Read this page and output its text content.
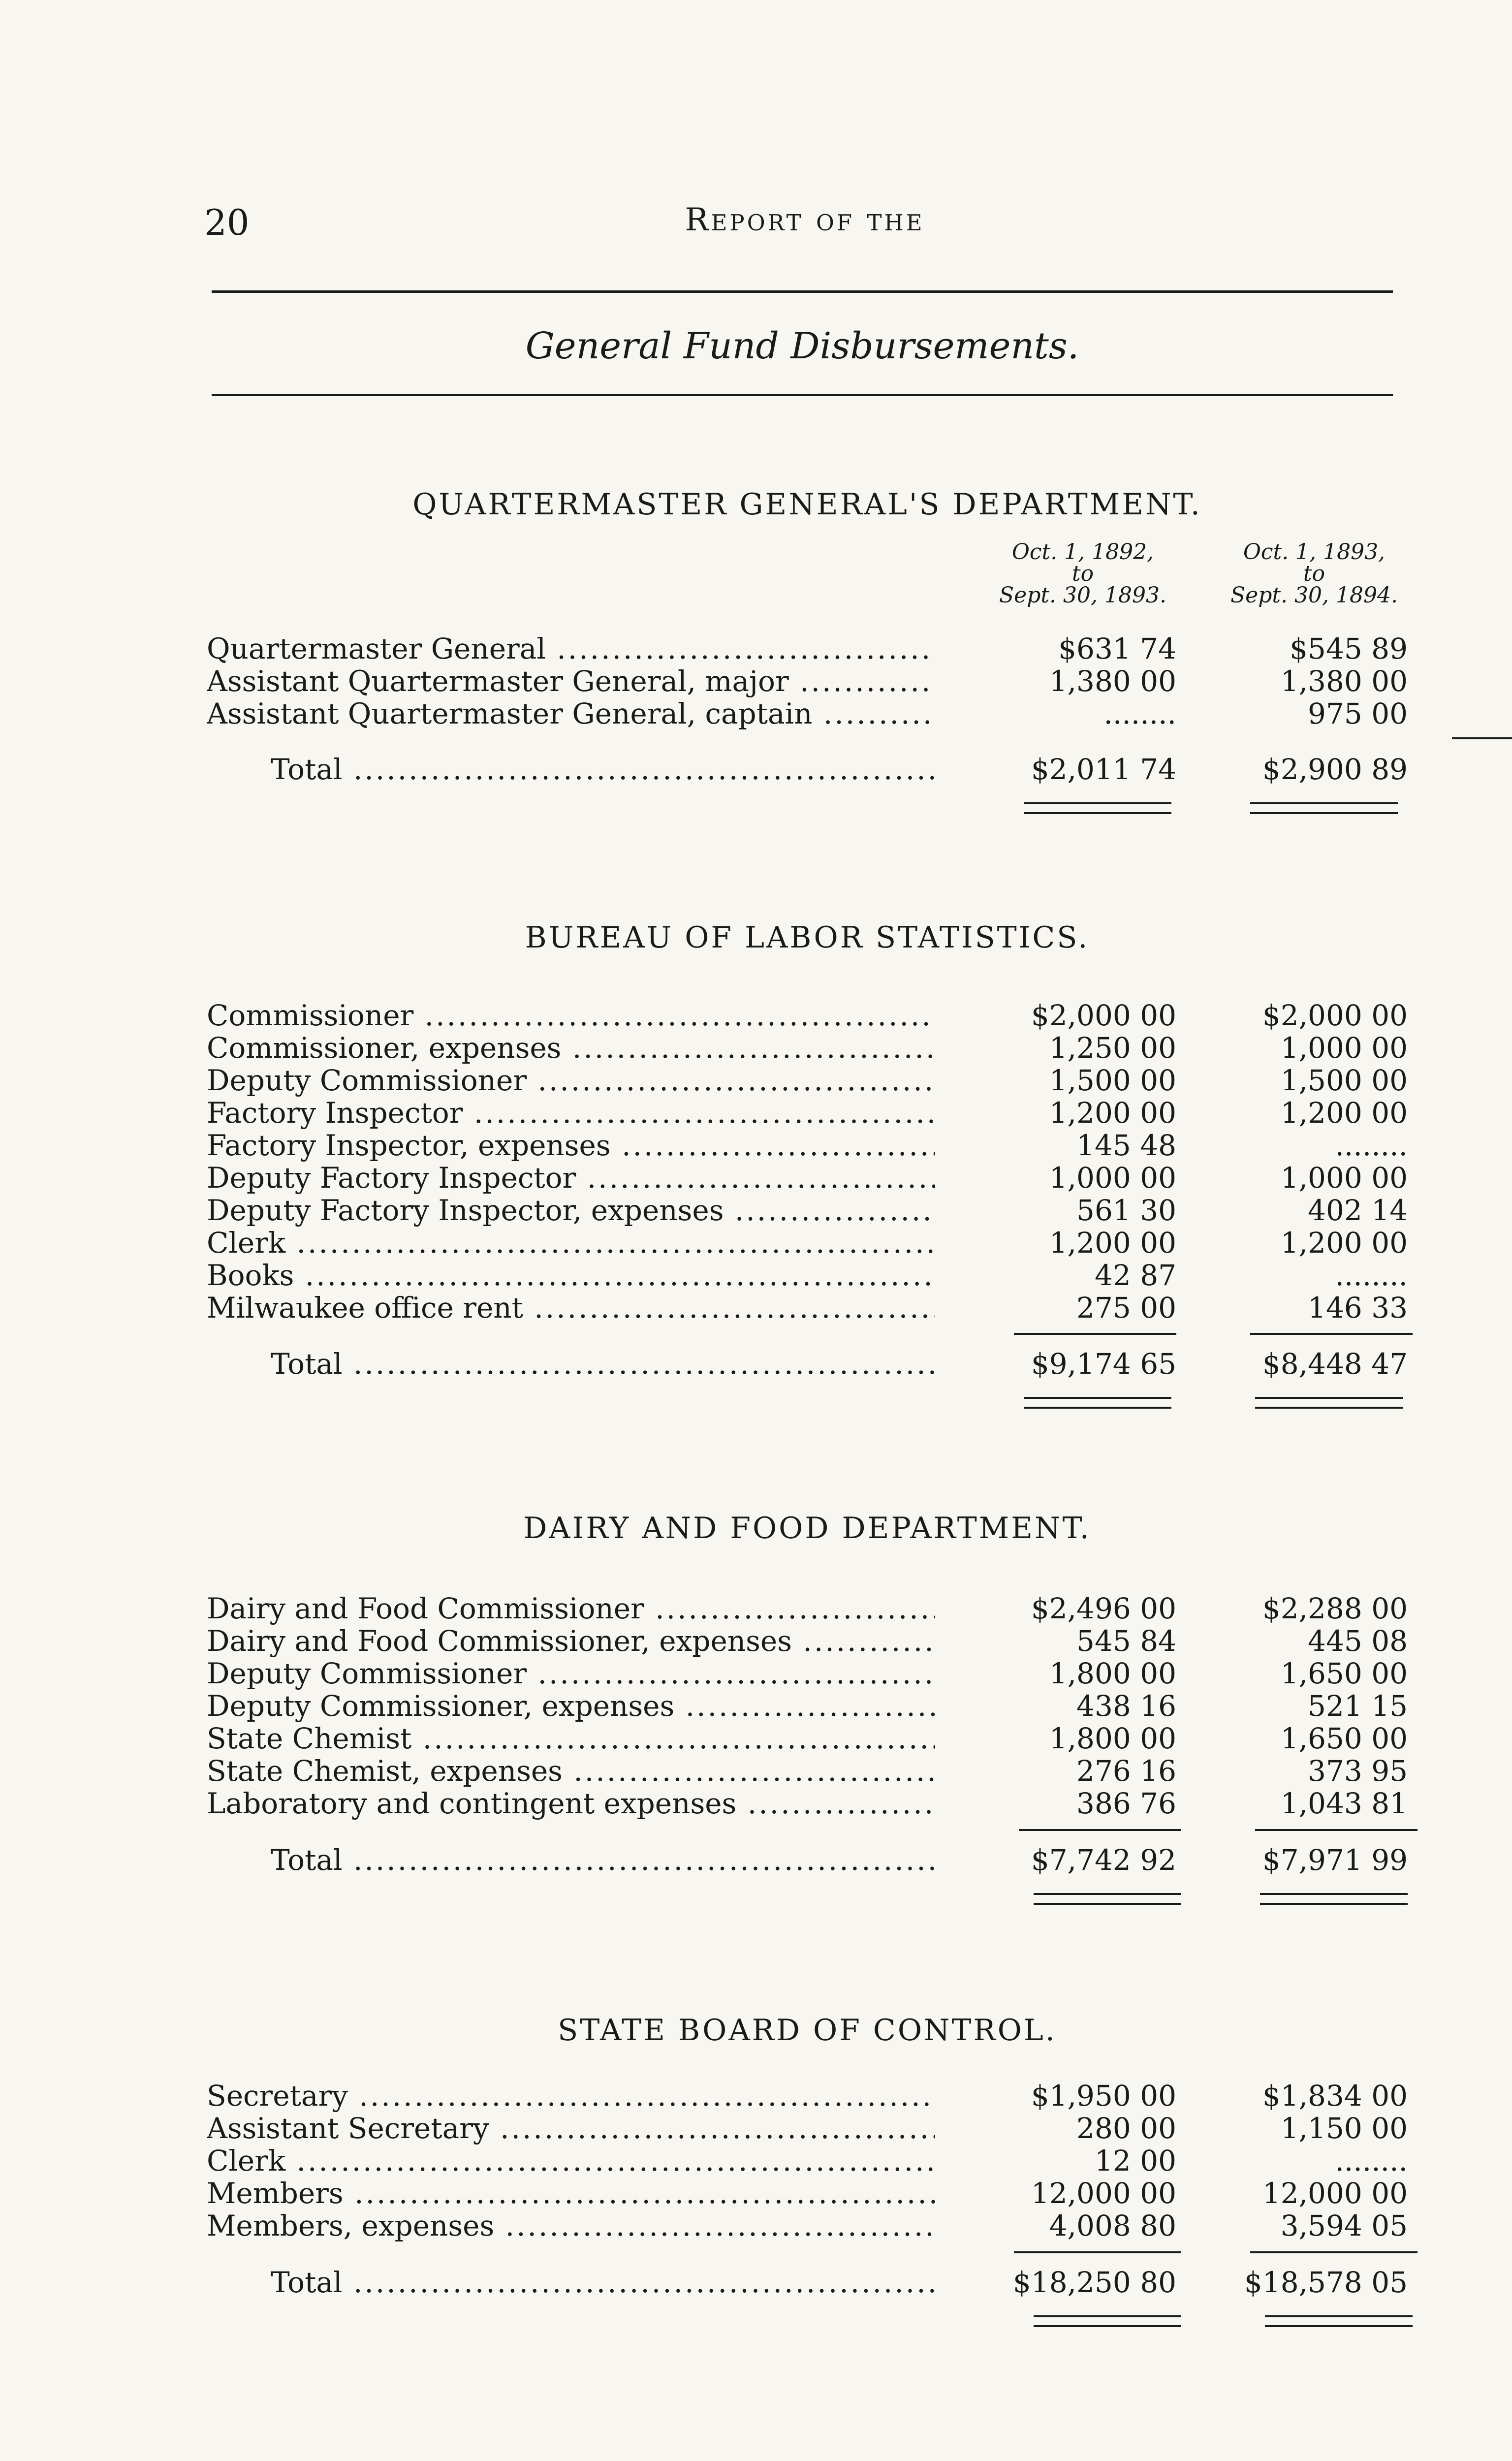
20	Report of the
General Fund Disbursements.
QUARTERMASTER GENERAL'S DEPARTMENT.
Oct. 1, 1892,
to
Sept. 30, 1893.
Oct. 1, 1893,
to
Sept. 30, 1894.
Quartermaster General .....	$631 74	$545 89
Assistant Quartermaster General, major .....	1,380 00	1,380 00
Assistant Quartermaster General, captain .....	........	975 00
Total .....	$2,011 74	$2,900 89
BUREAU OF LABOR STATISTICS.
Commissioner .....	$2,000 00	$2,000 00
Commissioner, expenses .....	1,250 00	1,000 00
Deputy Commissioner .....	1,500 00	1,500 00
Factory Inspector .....	1,200 00	1,200 00
Factory Inspector, expenses .....	145 48	........
Deputy Factory Inspector .....	1,000 00	1,000 00
Deputy Factory Inspector, expenses .....	561 30	402 14
Clerk .....	1,200 00	1,200 00
Books .....	42 87	........
Milwaukee office rent .....	275 00	146 33
Total .....	$9,174 65	$8,448 47
DAIRY AND FOOD DEPARTMENT.
Dairy and Food Commissioner .....	$2,496 00	$2,288 00
Dairy and Food Commissioner, expenses .....	545 84	445 08
Deputy Commissioner .....	1,800 00	1,650 00
Deputy Commissioner, expenses .....	438 16	521 15
State Chemist .....	1,800 00	1,650 00
State Chemist, expenses .....	276 16	373 95
Laboratory and contingent expenses .....	386 76	1,043 81
Total .....	$7,742 92	$7,971 99
STATE BOARD OF CONTROL.
Secretary .....	$1,950 00	$1,834 00
Assistant Secretary .....	280 00	1,150 00
Clerk .....	12 00	........
Members .....	12,000 00	12,000 00
Members, expenses .....	4,008 80	3,594 05
Total .....	$18,250 80	$18,578 05
